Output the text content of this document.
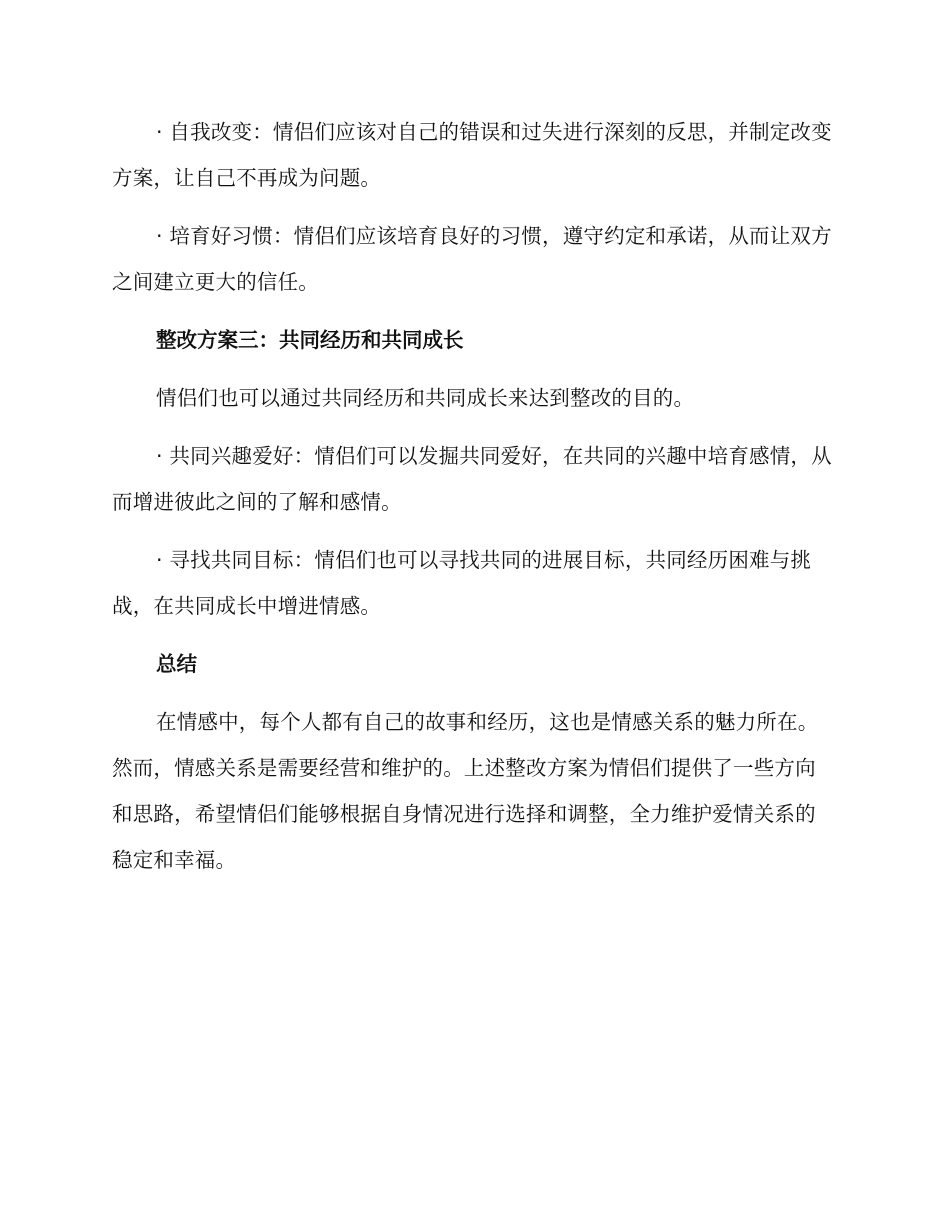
· 自我改变：情侣们应该对自己的错误和过失进行深刻的反思，并制定改变方案，让自己不再成为问题。

· 培育好习惯：情侣们应该培育良好的习惯，遵守约定和承诺，从而让双方之间建立更大的信任。

整改方案三：共同经历和共同成长

情侣们也可以通过共同经历和共同成长来达到整改的目的。

· 共同兴趣爱好：情侣们可以发掘共同爱好，在共同的兴趣中培育感情，从而增进彼此之间的了解和感情。

· 寻找共同目标：情侣们也可以寻找共同的进展目标，共同经历困难与挑战，在共同成长中增进情感。

总结

在情感中，每个人都有自己的故事和经历，这也是情感关系的魅力所在。然而，情感关系是需要经营和维护的。上述整改方案为情侣们提供了一些方向和思路，希望情侣们能够根据自身情况进行选择和调整，全力维护爱情关系的稳定和幸福。
